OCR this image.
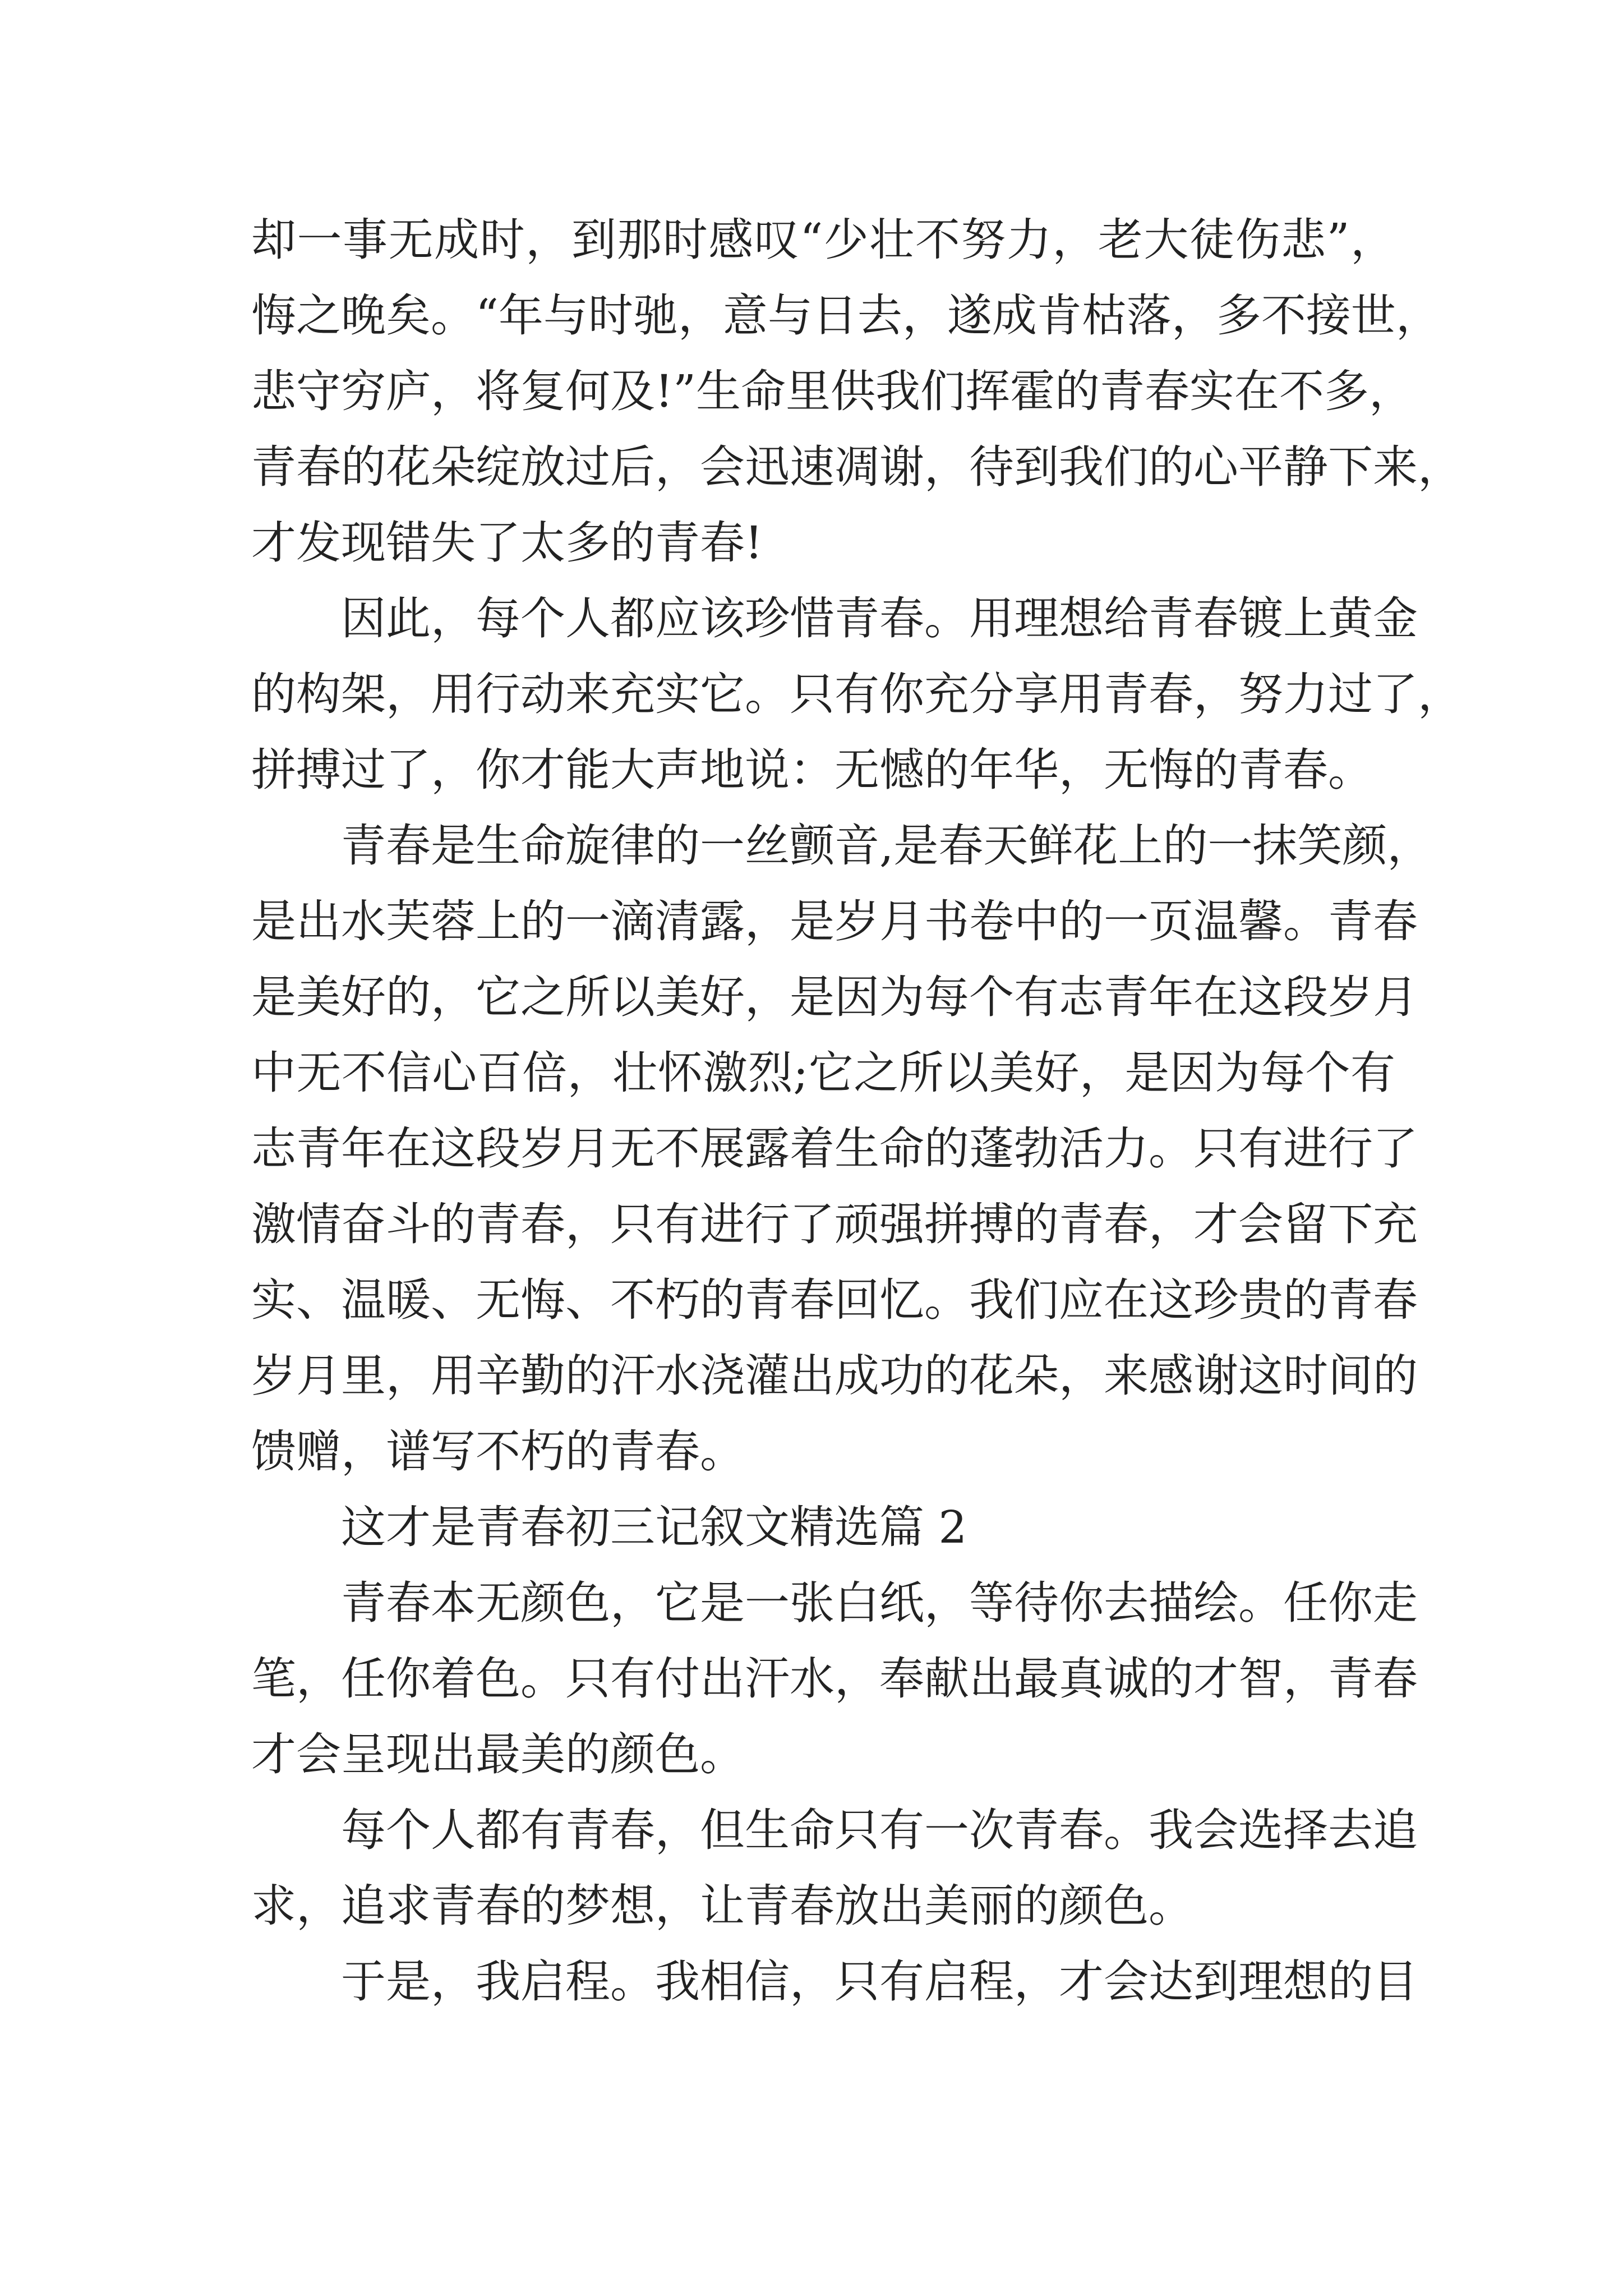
却一事无成时，到那时感叹“少壮不努力，老大徒伤悲”，
悔之晚矣。“年与时驰，意与日去，遂成肯枯落，多不接世，
悲守穷庐，将复何及!”生命里供我们挥霍的青春实在不多，
青春的花朵绽放过后，会迅速凋谢，待到我们的心平静下来，
才发现错失了太多的青春!
因此，每个人都应该珍惜青春。用理想给青春镀上黄金
的构架，用行动来充实它。只有你充分享用青春，努力过了，
拼搏过了，你才能大声地说：无憾的年华，无悔的青春。
青春是生命旋律的一丝颤音,是春天鲜花上的一抹笑颜，
是出水芙蓉上的一滴清露，是岁月书卷中的一页温馨。青春
是美好的，它之所以美好，是因为每个有志青年在这段岁月
中无不信心百倍，壮怀激烈;它之所以美好，是因为每个有
志青年在这段岁月无不展露着生命的蓬勃活力。只有进行了
激情奋斗的青春，只有进行了顽强拼搏的青春，才会留下充
实、温暖、无悔、不朽的青春回忆。我们应在这珍贵的青春
岁月里，用辛勤的汗水浇灌出成功的花朵，来感谢这时间的
馈赠，谱写不朽的青春。
这才是青春初三记叙文精选篇 2
青春本无颜色，它是一张白纸，等待你去描绘。任你走
笔，任你着色。只有付出汗水，奉献出最真诚的才智，青春
才会呈现出最美的颜色。
每个人都有青春，但生命只有一次青春。我会选择去追
求，追求青春的梦想，让青春放出美丽的颜色。
于是，我启程。我相信，只有启程，才会达到理想的目
